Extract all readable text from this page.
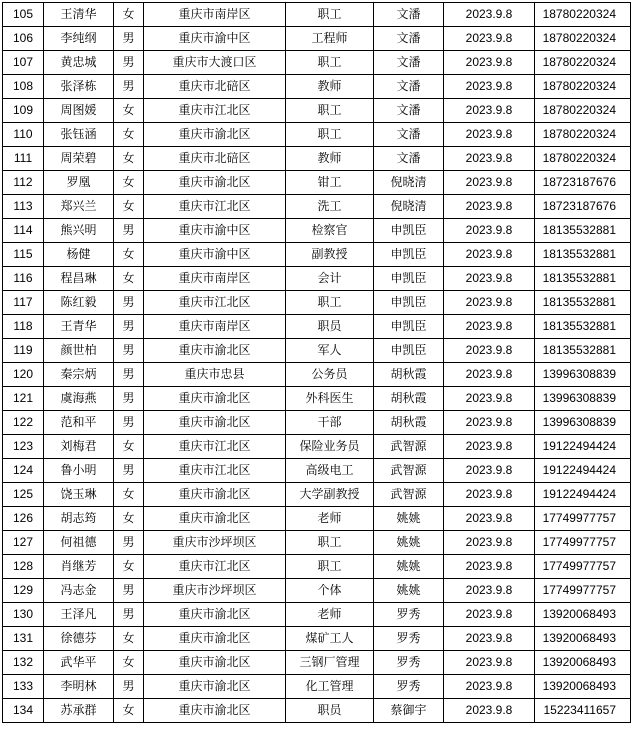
105	王清华	女	重庆市南岸区	职工	文潘	2023.9.8	18780220324
106	李纯纲	男	重庆市渝中区	工程师	文潘	2023.9.8	18780220324
107	黄忠城	男	重庆市大渡口区	职工	文潘	2023.9.8	18780220324
108	张泽栋	男	重庆市北碚区	教师	文潘	2023.9.8	18780220324
109	周图媛	女	重庆市江北区	职工	文潘	2023.9.8	18780220324
110	张钰涵	女	重庆市渝北区	职工	文潘	2023.9.8	18780220324
111	周荣碧	女	重庆市北碚区	教师	文潘	2023.9.8	18780220324
112	罗凰	女	重庆市渝北区	钳工	倪晓清	2023.9.8	18723187676
113	郑兴兰	女	重庆市江北区	洗工	倪晓清	2023.9.8	18723187676
114	熊兴明	男	重庆市渝中区	检察官	申凯臣	2023.9.8	18135532881
115	杨健	女	重庆市渝中区	副教授	申凯臣	2023.9.8	18135532881
116	程昌琳	女	重庆市南岸区	会计	申凯臣	2023.9.8	18135532881
117	陈红毅	男	重庆市江北区	职工	申凯臣	2023.9.8	18135532881
118	王青华	男	重庆市南岸区	职员	申凯臣	2023.9.8	18135532881
119	颜世柏	男	重庆市渝北区	军人	申凯臣	2023.9.8	18135532881
120	秦宗炳	男	重庆市忠县	公务员	胡秋霞	2023.9.8	13996308839
121	虞海燕	男	重庆市渝北区	外科医生	胡秋霞	2023.9.8	13996308839
122	范和平	男	重庆市渝北区	干部	胡秋霞	2023.9.8	13996308839
123	刘梅君	女	重庆市江北区	保险业务员	武智源	2023.9.8	19122494424
124	鲁小明	男	重庆市江北区	高级电工	武智源	2023.9.8	19122494424
125	饶玉琳	女	重庆市渝北区	大学副教授	武智源	2023.9.8	19122494424
126	胡志筠	女	重庆市渝北区	老师	姚姚	2023.9.8	17749977757
127	何祖德	男	重庆市沙坪坝区	职工	姚姚	2023.9.8	17749977757
128	肖继芳	女	重庆市江北区	职工	姚姚	2023.9.8	17749977757
129	冯志金	男	重庆市沙坪坝区	个体	姚姚	2023.9.8	17749977757
130	王泽凡	男	重庆市渝北区	老师	罗秀	2023.9.8	13920068493
131	徐德芬	女	重庆市渝北区	煤矿工人	罗秀	2023.9.8	13920068493
132	武华平	女	重庆市渝北区	三钢厂管理	罗秀	2023.9.8	13920068493
133	李明林	男	重庆市渝北区	化工管理	罗秀	2023.9.8	13920068493
134	苏承群	女	重庆市渝北区	职员	蔡御宇	2023.9.8	15223411657
